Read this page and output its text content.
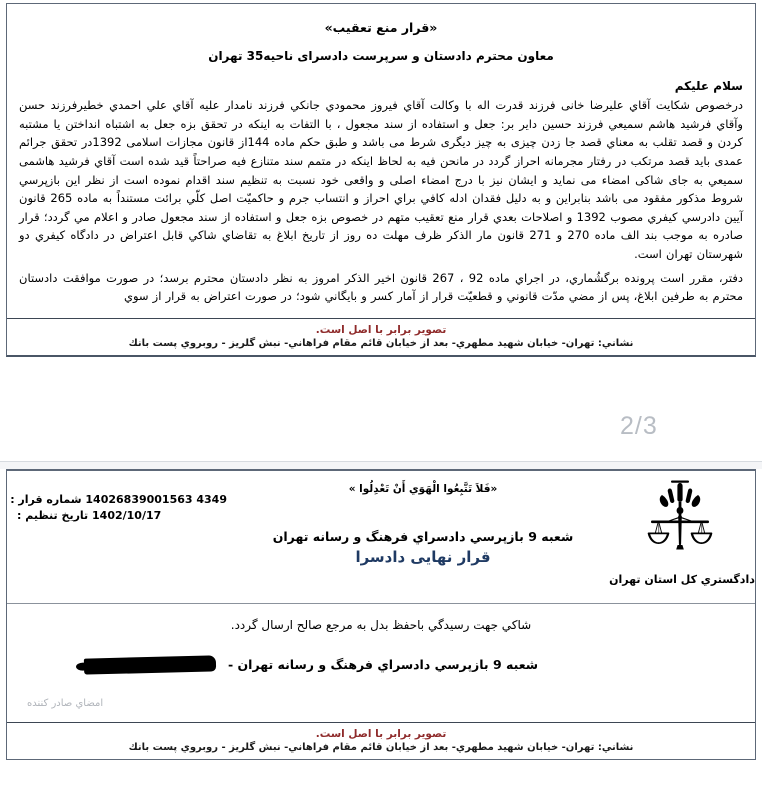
«قرار منع تعقیب»
معاون محترم دادستان و سرپرست دادسرای ناحیه35 تهران
سلام علیکم

درخصوص شکایت آقاي علیرضا خانی فرزند قدرت اله با وکالت آقاي فیروز محمودي جانکي فرزند نامدار علیه آقاي علي احمدي خطیرفرزند حسن وآقاي فرشید هاشم سمیعي فرزند حسین دایر بر: جعل و استفاده از سند مجعول ، با التفات به اینکه در تحقق بزه جعل به اشتباه انداختن یا مشتبه کردن و قصد تقلب به معناي قصد جا زدن چیزی به چیز دیگری شرط می باشد و طبق حکم ماده 144از قانون مجازات اسلامی 1392در تحقق جرائم عمدی باید قصد مرتکب در رفتار مجرمانه احراز گردد در مانحن فیه به لحاظ اینکه در متمم سند متنازع فیه صراحتاً قید شده است آقاي فرشید هاشمی سمیعي به جای شاکی امضاء می نماید و ایشان نیز با درج امضاء اصلی و واقعی خود نسبت به تنظیم سند اقدام نموده است از نظر این بازپرسي شروط مذکور مفقود می باشد بنابراین و به دلیل فقدان ادله کافي براي احراز و انتساب جرم و حاکمیّت اصل کلّي برائت مستنداً به ماده 265 قانون آیین دادرسي کیفري مصوب 1392 و اصلاحات بعدي قرار منع تعقیب متهم در خصوص بزه جعل و استفاده از سند مجعول صادر و اعلام مي گردد؛ قرار صادره به موجب بند الف ماده 270 و 271 قانون مار الذکر ظرف مهلت ده روز از تاریخ ابلاغ به تقاضاي شاکي قابل اعتراض در دادگاه کیفري دو شهرستان تهران است.

دفتر، مقرر است پرونده برگشُماري، در اجراي ماده 92 ، 267 قانون اخیر الذکر امروز به نظر دادستان محترم برسد؛ در صورت موافقت دادستان محترم به طرفین ابلاغ، پس از مضي مدّت قانوني و قطعیّت قرار از آمار کسر و بایگاني شود؛ در صورت اعتراض به قرار از سوي

تصویر برابر با اصل است.
نشاني: تهران- خیابان شهید مطهري- بعد از خیابان قائم مقام فراهاني- نبش گلریز - روبروي پست بانك
2/3
دادگستري كل استان تهران
«فَلاَ تَتَّبِعُوا الْهَوَي أَنْ تَعْدِلُوا »
شعبه 9 بازپرسي دادسراي فرهنگ و رسانه تهران
قرار نهایی دادسرا
14026839001563 4349 شماره قرار :
1402/10/17 تاریخ تنظیم :
شاكي جهت رسیدگي باحفظ بدل به مرجع صالح ارسال گردد.
شعبه 9 بازپرسي دادسراي فرهنگ و رسانه تهران -
امضاي صادر كننده
تصویر برابر با اصل است.
نشاني: تهران- خیابان شهید مطهري- بعد از خیابان قائم مقام فراهاني- نبش گلریز - روبروي پست بانك
